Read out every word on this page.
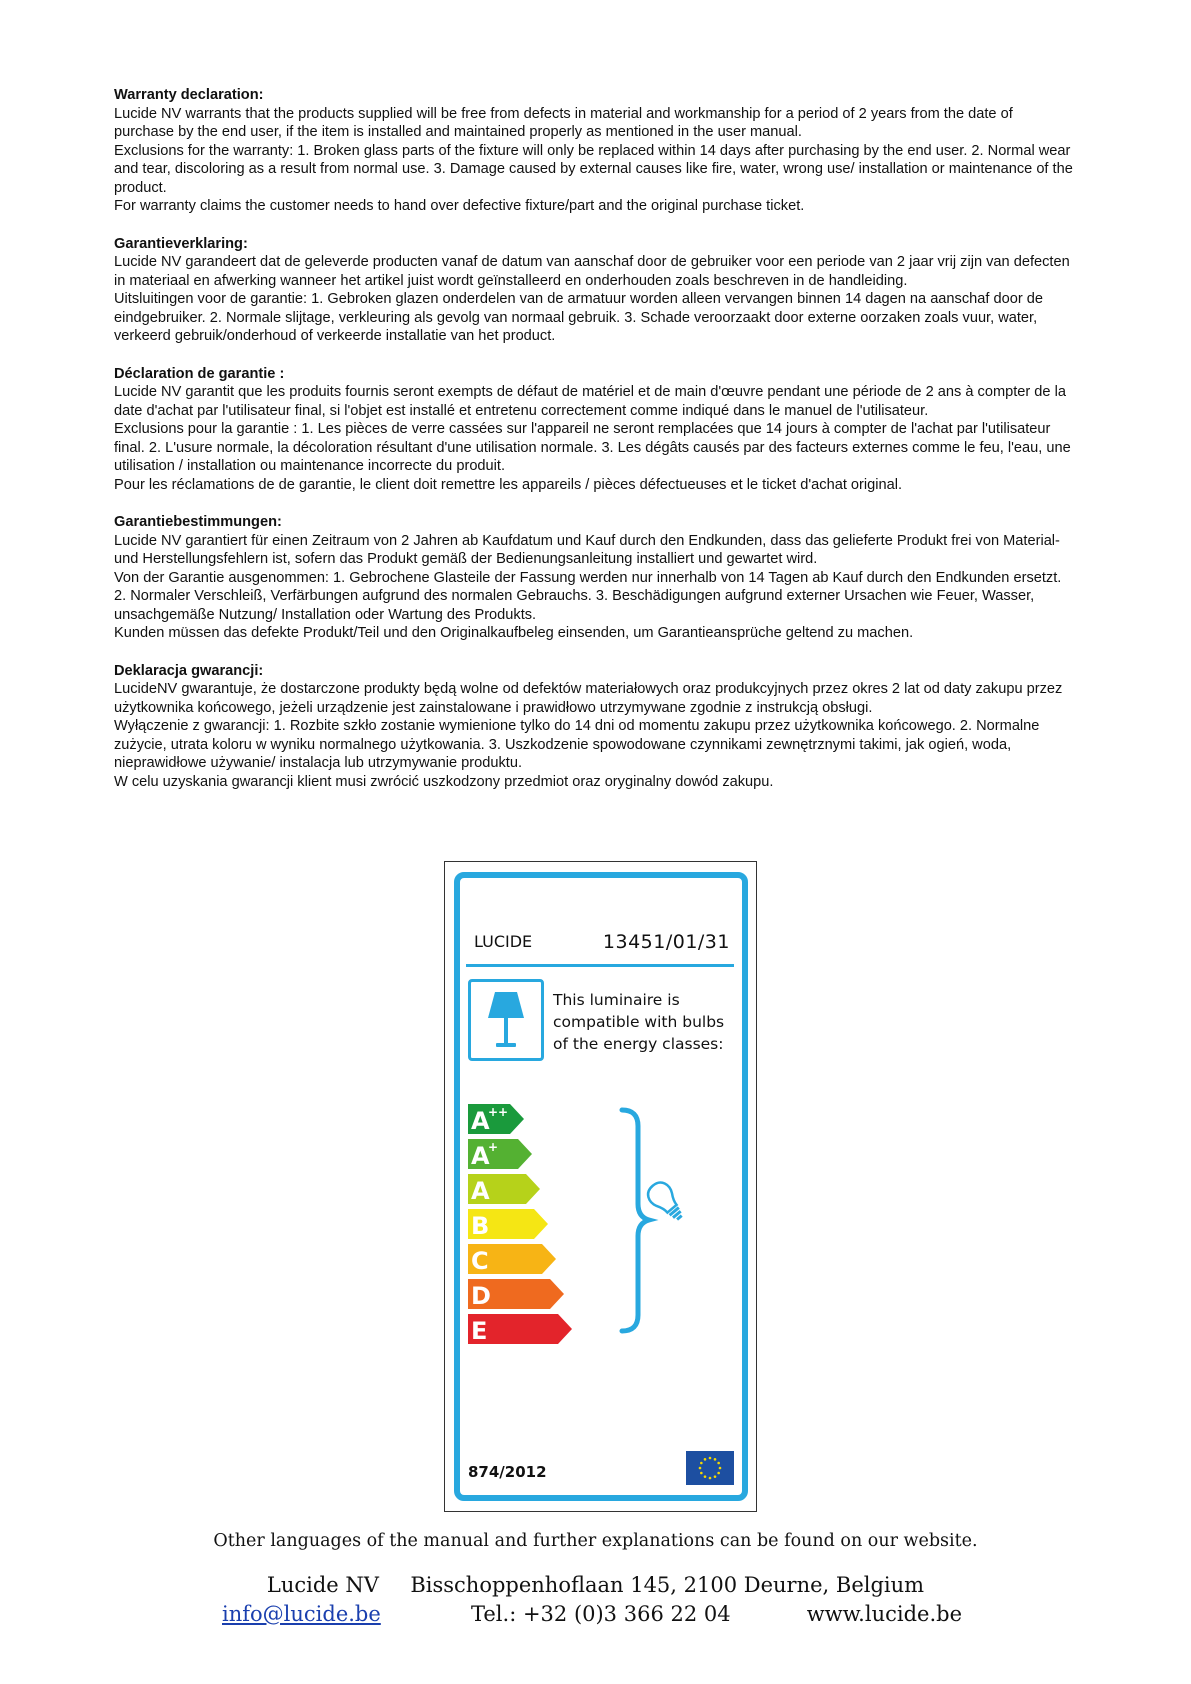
Warranty declaration:

Lucide NV warrants that the products supplied will be free from defects in material and workmanship for a period of 2 years from the date of purchase by the end user, if the item is installed and maintained properly as mentioned in the user manual.

Exclusions for the warranty: 1. Broken glass parts of the fixture will only be replaced within 14 days after purchasing by the end user. 2. Normal wear and tear, discoloring as a result from normal use. 3. Damage caused by external causes like fire, water, wrong use/ installation or maintenance of the product.

For warranty claims the customer needs to hand over defective fixture/part and the original purchase ticket.

Garantieverklaring:

Lucide NV garandeert dat de geleverde producten vanaf de datum van aanschaf door de gebruiker voor een periode van 2 jaar vrij zijn van defecten in materiaal en afwerking wanneer het artikel juist wordt geïnstalleerd en onderhouden zoals beschreven in de handleiding.

Uitsluitingen voor de garantie: 1. Gebroken glazen onderdelen van de armatuur worden alleen vervangen binnen 14 dagen na aanschaf door de eindgebruiker. 2. Normale slijtage, verkleuring als gevolg van normaal gebruik. 3. Schade veroorzaakt door externe oorzaken zoals vuur, water, verkeerd gebruik/onderhoud of verkeerde installatie van het product.

Déclaration de garantie :

Lucide NV garantit que les produits fournis seront exempts de défaut de matériel et de main d'œuvre pendant une période de 2 ans à compter de la date d'achat par l'utilisateur final, si l'objet est installé et entretenu correctement comme indiqué dans le manuel de l'utilisateur.

Exclusions pour la garantie : 1. Les pièces de verre cassées sur l'appareil ne seront remplacées que 14 jours à compter de l'achat par l'utilisateur final. 2. L'usure normale, la décoloration résultant d'une utilisation normale. 3. Les dégâts causés par des facteurs externes comme le feu, l'eau, une utilisation / installation ou maintenance incorrecte du produit.

Pour les réclamations de de garantie, le client doit remettre les appareils / pièces défectueuses et le ticket d'achat original.

Garantiebestimmungen:

Lucide NV garantiert für einen Zeitraum von 2 Jahren ab Kaufdatum und Kauf durch den Endkunden, dass das gelieferte Produkt frei von Material- und Herstellungsfehlern ist, sofern das Produkt gemäß der Bedienungsanleitung installiert und gewartet wird.

Von der Garantie ausgenommen: 1. Gebrochene Glasteile der Fassung werden nur innerhalb von 14 Tagen ab Kauf durch den Endkunden ersetzt. 2. Normaler Verschleiß, Verfärbungen aufgrund des normalen Gebrauchs. 3. Beschädigungen aufgrund externer Ursachen wie Feuer, Wasser, unsachgemäße Nutzung/ Installation oder Wartung des Produkts.

Kunden müssen das defekte Produkt/Teil und den Originalkaufbeleg einsenden, um Garantieansprüche geltend zu machen.

Deklaracja gwarancji:

LucideNV gwarantuje, że dostarczone produkty będą wolne od defektów materiałowych oraz produkcyjnych przez okres 2 lat od daty zakupu przez użytkownika końcowego, jeżeli urządzenie jest zainstalowane i prawidłowo utrzymywane zgodnie z instrukcją obsługi.

Wyłączenie z gwarancji: 1. Rozbite szkło zostanie wymienione tylko do 14 dni od momentu zakupu przez użytkownika końcowego. 2. Normalne zużycie, utrata koloru w wyniku normalnego użytkowania. 3. Uszkodzenie spowodowane czynnikami zewnętrznymi takimi, jak ogień, woda, nieprawidłowe używanie/ instalacja lub utrzymywanie produktu.

W celu uzyskania gwarancji klient musi zwrócić uszkodzony przedmiot oraz oryginalny dowód zakupu.

LUCIDE	13451/01/31
This luminaire is compatible with bulbs of the energy classes:
A
++
A
+
A
B
C
D
E
874/2012
Other languages of the manual and further explanations can be found on our website.
Lucide NV Bisschoppenhoflaan 145, 2100 Deurne, Belgium
info@lucide.be	Tel.: +32 (0)3 366 22 04	www.lucide.be
